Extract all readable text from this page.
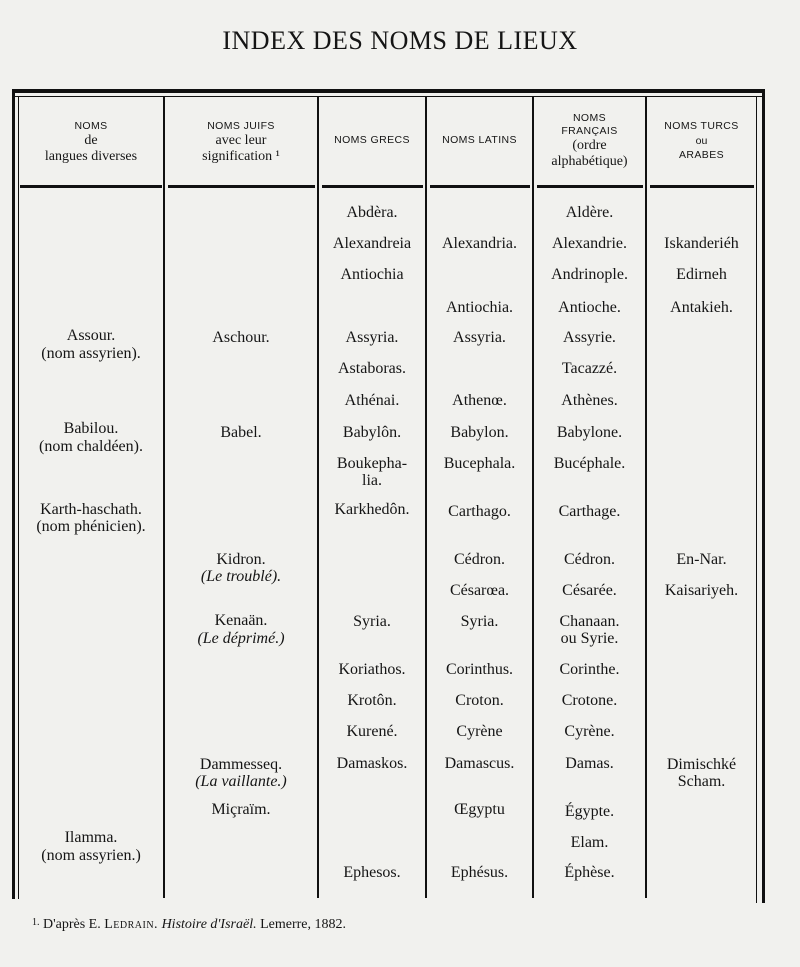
INDEX DES NOMS DE LIEUX
NOMS
de
langues diverses
NOMS JUIFS
avec leur
signification ¹
NOMS GRECS	NOMS LATINS
NOMS
FRANÇAIS
(ordre
alphabétique)
NOMS TURCS
ou
ARABES
Assour.
(nom assyrien).
Babilou.
(nom chaldéen).
Karth-haschath.
(nom phénicien).
Ilamma.
(nom assyrien.)
Aschour.
Babel.
Kidron.
(Le troublé).
Kenaän.
(Le déprimé.)
Dammesseq.
(La vaillante.)
Miçraïm.
Abdèra.
Alexandreia
Antiochia
Assyria.
Astaboras.
Athénai.
Babylôn.
Boukepha-
lia.
Karkhedôn.
Syria.
Koriathos.
Krotôn.
Kurené.
Damaskos.
Ephesos.
Alexandria.
Antiochia.
Assyria.
Athenœ.
Babylon.
Bucephala.
Carthago.
Cédron.
Césarœa.
Syria.
Corinthus.
Croton.
Cyrène
Damascus.
Œgyptu
Ephésus.
Aldère.
Alexandrie.
Andrinople.
Antioche.
Assyrie.
Tacazzé.
Athènes.
Babylone.
Bucéphale.
Carthage.
Cédron.
Césarée.
Chanaan.
ou Syrie.
Corinthe.
Crotone.
Cyrène.
Damas.
Égypte.
Elam.
Éphèse.
Iskanderiéh
Edirneh
Antakieh.
En-Nar.
Kaisariyeh.
Dimischké
Scham.
$^{1.}$ D'après E. Ledrain. Histoire d'Israël. Lemerre, 1882.
